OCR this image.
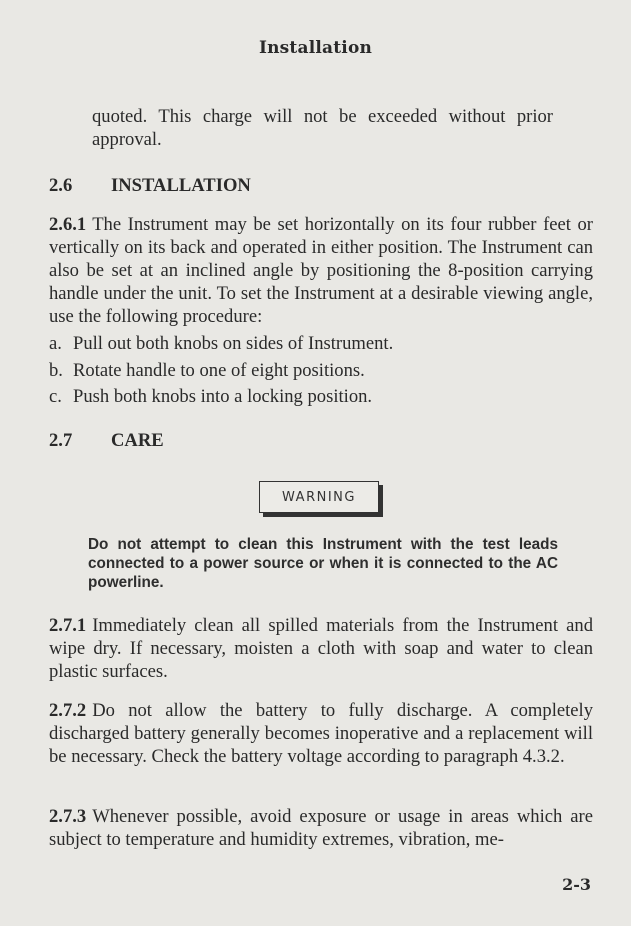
Installation
quoted. This charge will not be exceeded without prior approval.
2.6 INSTALLATION
2.6.1 The Instrument may be set horizontally on its four rubber feet or vertically on its back and operated in either position. The Instrument can also be set at an inclined angle by positioning the 8-position carrying handle under the unit. To set the Instrument at a desirable viewing angle, use the following procedure:
a. Pull out both knobs on sides of Instrument.
b. Rotate handle to one of eight positions.
c. Push both knobs into a locking position.
2.7 CARE
WARNING
Do not attempt to clean this Instrument with the test leads connected to a power source or when it is connected to the AC powerline.
2.7.1 Immediately clean all spilled materials from the Instrument and wipe dry. If necessary, moisten a cloth with soap and water to clean plastic surfaces.
2.7.2 Do not allow the battery to fully discharge. A completely discharged battery generally becomes inoperative and a replacement will be necessary. Check the battery voltage according to paragraph 4.3.2.
2.7.3 Whenever possible, avoid exposure or usage in areas which are subject to temperature and humidity extremes, vibration, me-
2-3
